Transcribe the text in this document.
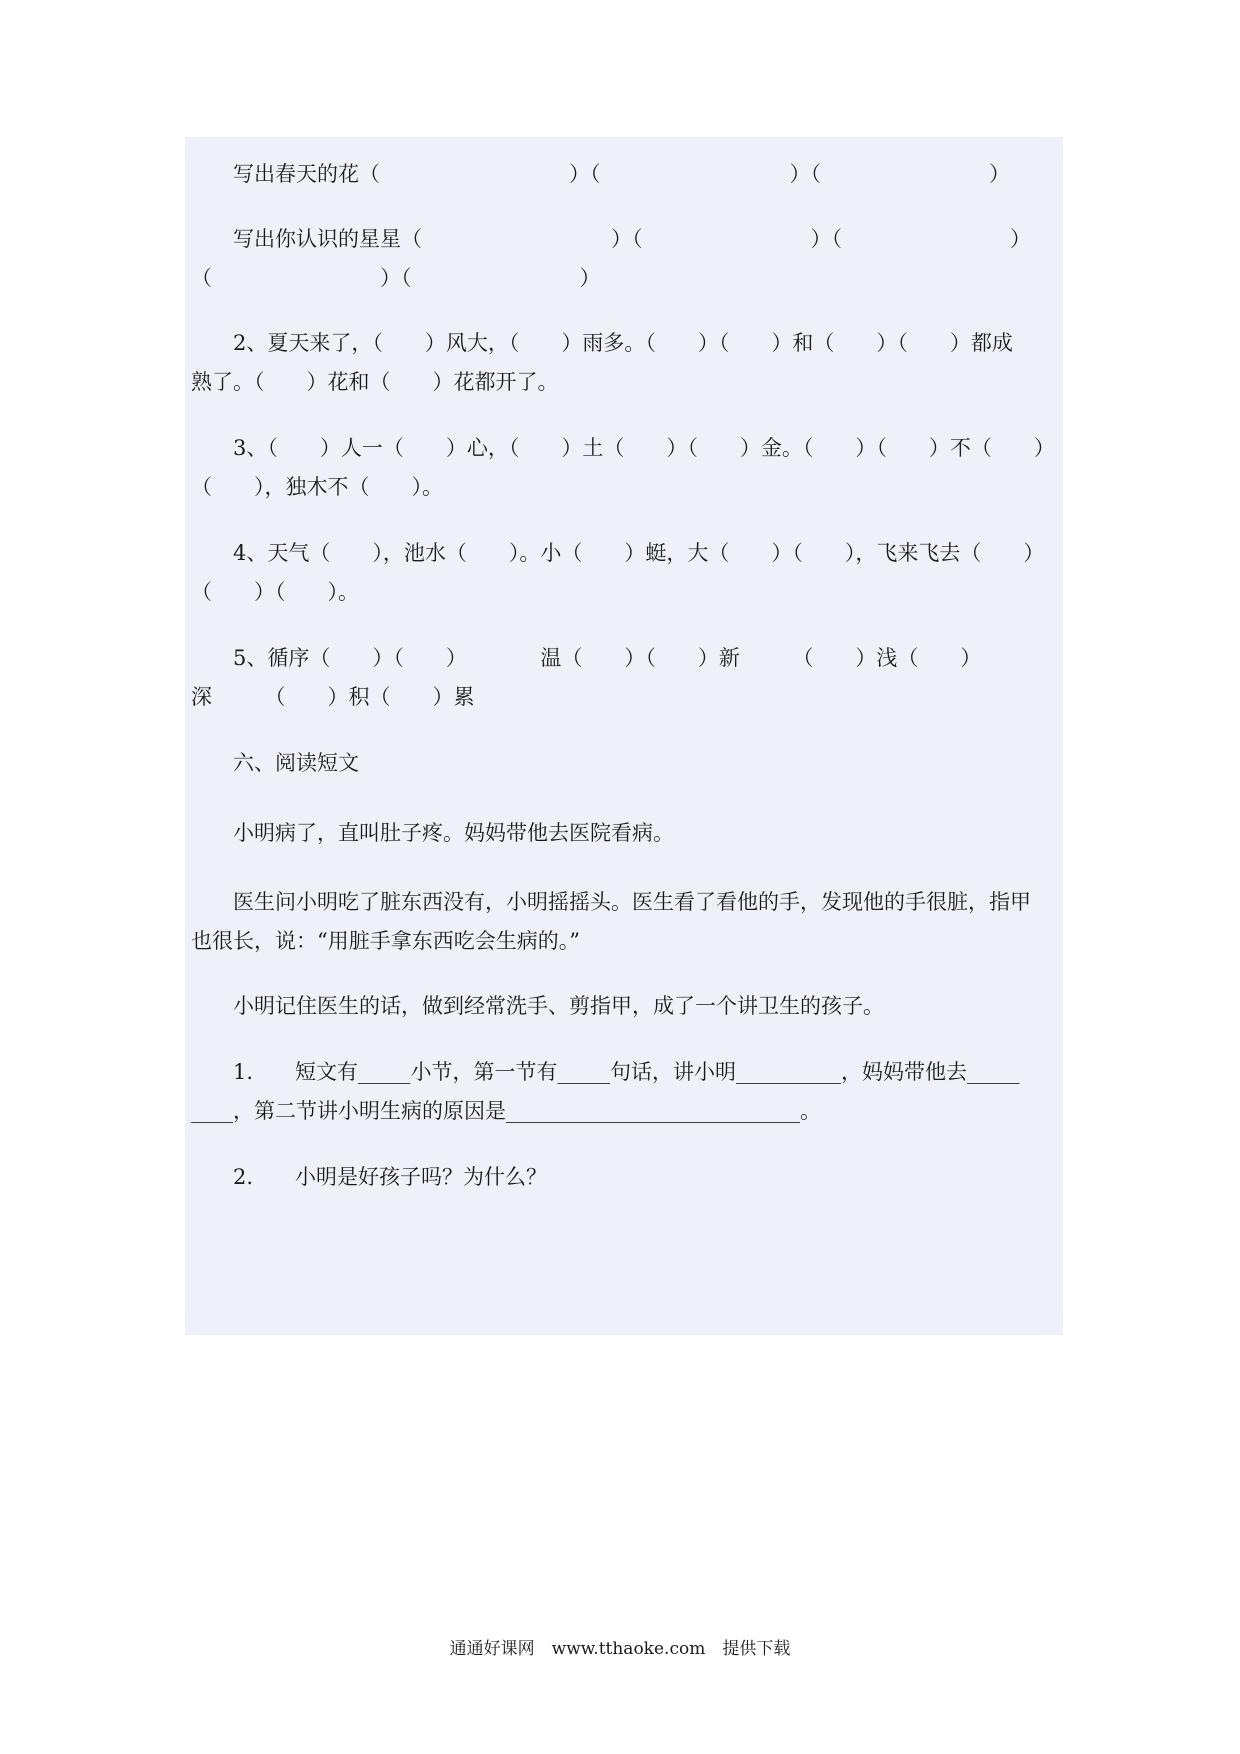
写出春天的花（　　　　　　　　　）（　　　　　　　　　）（　　　　　　　　）

写出你认识的星星（　　　　　　　　　）（　　　　　　　　）（　　　　　　　　）

（　　　　　　　　）（　　　　　　　　）

2、夏天来了，（　　）风大，（　　）雨多。（　　）（　　）和（　　）（　　）都成

熟了。（　　）花和（　　）花都开了。

3、（　　）人一（　　）心，（　　）土（　　）（　　）金。（　　）（　　）不（　　）

（　　），独木不（　　）。

4、天气（　　），池水（　　）。小（　　）蜓，大（　　）（　　），飞来飞去（　　）

（　　）（　　）。

5、循序（　　）（　　）　　　　温（　　）（　　）新　　　（　　）浅（　　）

深　　　（　　）积（　　）累

六、阅读短文

小明病了，直叫肚子疼。妈妈带他去医院看病。

医生问小明吃了脏东西没有，小明摇摇头。医生看了看他的手，发现他的手很脏，指甲

也很长，说：“用脏手拿东西吃会生病的。”

小明记住医生的话，做到经常洗手、剪指甲，成了一个讲卫生的孩子。

1.　　短文有_____小节，第一节有_____句话，讲小明__________，妈妈带他去_____

____，第二节讲小明生病的原因是____________________________。

2.　　小明是好孩子吗？为什么？

通通好课网　www.tthaoke.com　提供下载
